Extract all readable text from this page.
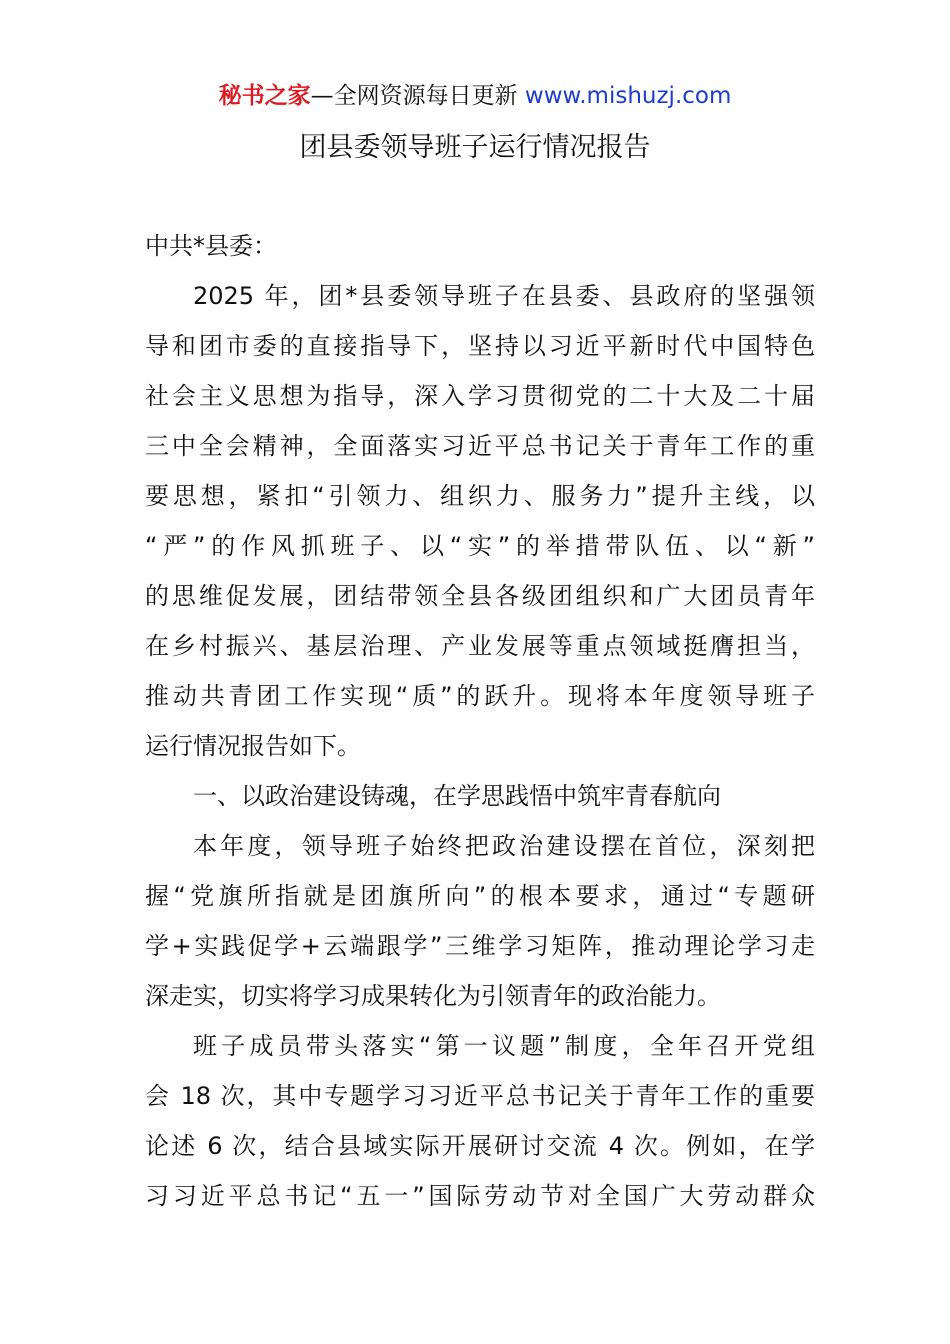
秘书之家—全网资源每日更新 www.mishuzj.com
团县委领导班子运行情况报告
中共*县委：
2025 年，团*县委领导班子在县委、县政府的坚强领
导和团市委的直接指导下，坚持以习近平新时代中国特色
社会主义思想为指导，深入学习贯彻党的二十大及二十届
三中全会精神，全面落实习近平总书记关于青年工作的重
要思想，紧扣“引领力、组织力、服务力”提升主线，以
“严”的作风抓班子、以“实”的举措带队伍、以“新”
的思维促发展，团结带领全县各级团组织和广大团员青年
在乡村振兴、基层治理、产业发展等重点领域挺膺担当，
推动共青团工作实现“质”的跃升。现将本年度领导班子
运行情况报告如下。
一、以政治建设铸魂，在学思践悟中筑牢青春航向
本年度，领导班子始终把政治建设摆在首位，深刻把
握“党旗所指就是团旗所向”的根本要求，通过“专题研
学+实践促学+云端跟学”三维学习矩阵，推动理论学习走
深走实，切实将学习成果转化为引领青年的政治能力。
班子成员带头落实“第一议题”制度，全年召开党组
会 18 次，其中专题学习习近平总书记关于青年工作的重要
论述 6 次，结合县域实际开展研讨交流 4 次。例如，在学
习习近平总书记“五一”国际劳动节对全国广大劳动群众
